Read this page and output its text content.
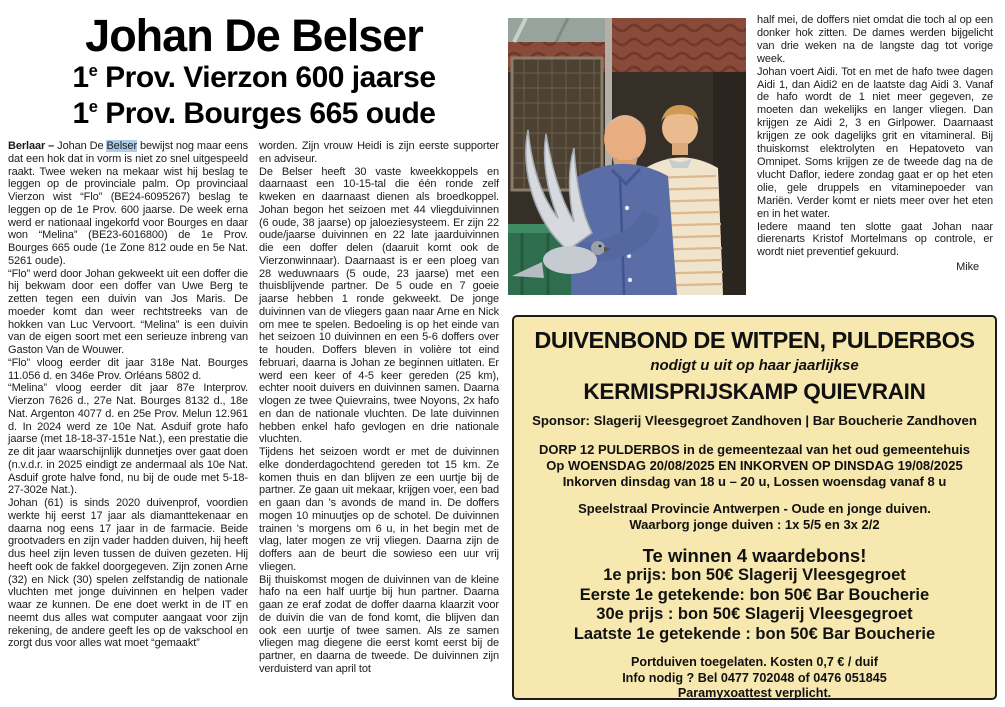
Johan De Belser
1e Prov. Vierzon 600 jaarse
1e Prov. Bourges 665 oude

Berlaar – Johan De Belser bewijst nog maar eens dat een hok dat in vorm is niet zo snel uitgespeeld raakt. Twee weken na mekaar wist hij beslag te leggen op de provinciale palm. Op provinciaal Vierzon wist “Flo” (BE24-6095267) beslag te leggen op de 1e Prov. 600 jaarse. De week erna werd er nationaal ingekorfd voor Bourges en daar won “Melina” (BE23-6016800) de 1e Prov. Bourges 665 oude (1e Zone 812 oude en 5e Nat. 5261 oude).

“Flo” werd door Johan gekweekt uit een doffer die hij bekwam door een doffer van Uwe Berg te zetten tegen een duivin van Jos Maris. De moeder komt dan weer rechtstreeks van de hokken van Luc Vervoort. “Melina” is een duivin van de eigen soort met een serieuze inbreng van Gaston Van de Wouwer.

“Flo” vloog eerder dit jaar 318e Nat. Bourges 11.056 d. en 346e Prov. Orléans 5802 d.

“Melina” vloog eerder dit jaar 87e Interprov. Vierzon 7626 d., 27e Nat. Bourges 8132 d., 18e Nat. Argenton 4077 d. en 25e Prov. Melun 12.961 d. In 2024 werd ze 10e Nat. Asduif grote hafo jaarse (met 18-18-37-151e Nat.), een prestatie die ze dit jaar waarschijnlijk dunnetjes over gaat doen (n.v.d.r. in 2025 eindigt ze andermaal als 10e Nat. Asduif grote halve fond, nu bij de oude met 5-18-27-302e Nat.).

Johan (61) is sinds 2020 duivenprof, voordien werkte hij eerst 17 jaar als diamanttekenaar en daarna nog eens 17 jaar in de farmacie. Beide grootvaders en zijn vader hadden duiven, hij heeft dus heel zijn leven tussen de duiven gezeten. Hij heeft ook de fakkel doorgegeven. Zijn zonen Arne (32) en Nick (30) spelen zelfstandig de nationale vluchten met jonge duivinnen en helpen vader waar ze kunnen. De ene doet werkt in de IT en neemt dus alles wat computer aangaat voor zijn rekening, de andere geeft les op de vakschool en zorgt dus voor alles wat moet “gemaakt”

worden. Zijn vrouw Heidi is zijn eerste supporter en adviseur.

De Belser heeft 30 vaste kweekkoppels en daarnaast een 10-15-tal die één ronde zelf kweken en daarnaast dienen als broedkoppel. Johan begon het seizoen met 44 vliegduivinnen (6 oude, 38 jaarse) op jaloeziesysteem. Er zijn 22 oude/jaarse duivinnen en 22 late jaarduivinnen die een doffer delen (daaruit komt ook de Vierzonwinnaar). Daarnaast is er een ploeg van 28 weduwnaars (5 oude, 23 jaarse) met een thuisblijvende partner. De 5 oude en 7 goeie jaarse hebben 1 ronde gekweekt. De jonge duivinnen van de vliegers gaan naar Arne en Nick om mee te spelen. Bedoeling is op het einde van het seizoen 10 duivinnen en een 5-6 doffers over te houden. Doffers bleven in volière tot eind februari, daarna is Johan ze beginnen uitlaten. Er werd een keer of 4-5 keer gereden (25 km), echter nooit duivers en duivinnen samen. Daarna vlogen ze twee Quievrains, twee Noyons, 2x hafo en dan de nationale vluchten. De late duivinnen hebben enkel hafo gevlogen en drie nationale vluchten.

Tijdens het seizoen wordt er met de duivinnen elke donderdagochtend gereden tot 15 km. Ze komen thuis en dan blijven ze een uurtje bij de partner. Ze gaan uit mekaar, krijgen voer, een bad en gaan dan 's avonds de mand in. De doffers mogen 10 minuutjes op de schotel. De duivinnen trainen 's morgens om 6 u, in het begin met de vlag, later mogen ze vrij vliegen. Daarna zijn de doffers aan de beurt die sowieso een uur vrij vliegen.

Bij thuiskomst mogen de duivinnen van de kleine hafo na een half uurtje bij hun partner. Daarna gaan ze eraf zodat de doffer daarna klaarzit voor de duivin die van de fond komt, die blijven dan ook een uurtje of twee samen. Als ze samen vliegen mag diegene die eerst komt eerst bij de partner, en daarna de tweede. De duivinnen zijn verduisterd van april tot

half mei, de doffers niet omdat die toch al op een donker hok zitten. De dames werden bijgelicht van drie weken na de langste dag tot vorige week.

Johan voert Aidi. Tot en met de hafo twee dagen Aidi 1, dan Aidi2 en de laatste dag Aidi 3. Vanaf de hafo wordt de 1 niet meer gegeven, ze moeten dan wekelijks en langer vliegen. Dan krijgen ze Aidi 2, 3 en Girlpower. Daarnaast krijgen ze ook dagelijks grit en vitamineral. Bij thuiskomst elektrolyten en Hepatoveto van Omnipet. Soms krijgen ze de tweede dag na de vlucht Daflor, iedere zondag gaat er op het eten olie, gele druppels en vitaminepoeder van Mariën. Verder komt er niets meer over het eten en in het water.

Iedere maand ten slotte gaat Johan naar dierenarts Kristof Mortelmans op controle, er wordt niet preventief gekuurd.

Mike

DUIVENBOND DE WITPEN, PULDERBOS
nodigt u uit op haar jaarlijkse
KERMISPRIJSKAMP QUIEVRAIN
Sponsor: Slagerij Vleesgegroet Zandhoven | Bar Boucherie Zandhoven
DORP 12 PULDERBOS in de gemeentezaal van het oud gemeentehuis
Op WOENSDAG 20/08/2025 EN INKORVEN OP DINSDAG 19/08/2025
Inkorven dinsdag van 18 u – 20 u, Lossen woensdag vanaf 8 u
Speelstraal Provincie Antwerpen - Oude en jonge duiven.
Waarborg jonge duiven : 1x 5/5 en 3x 2/2
Te winnen 4 waardebons!
1e prijs: bon 50€ Slagerij Vleesgegroet
Eerste 1e getekende: bon 50€ Bar Boucherie
30e prijs : bon 50€ Slagerij Vleesgegroet
Laatste 1e getekende : bon 50€ Bar Boucherie
Portduiven toegelaten. Kosten 0,7 € / duif
Info nodig ? Bel 0477 702048 of 0476 051845
Paramyxoattest verplicht.
